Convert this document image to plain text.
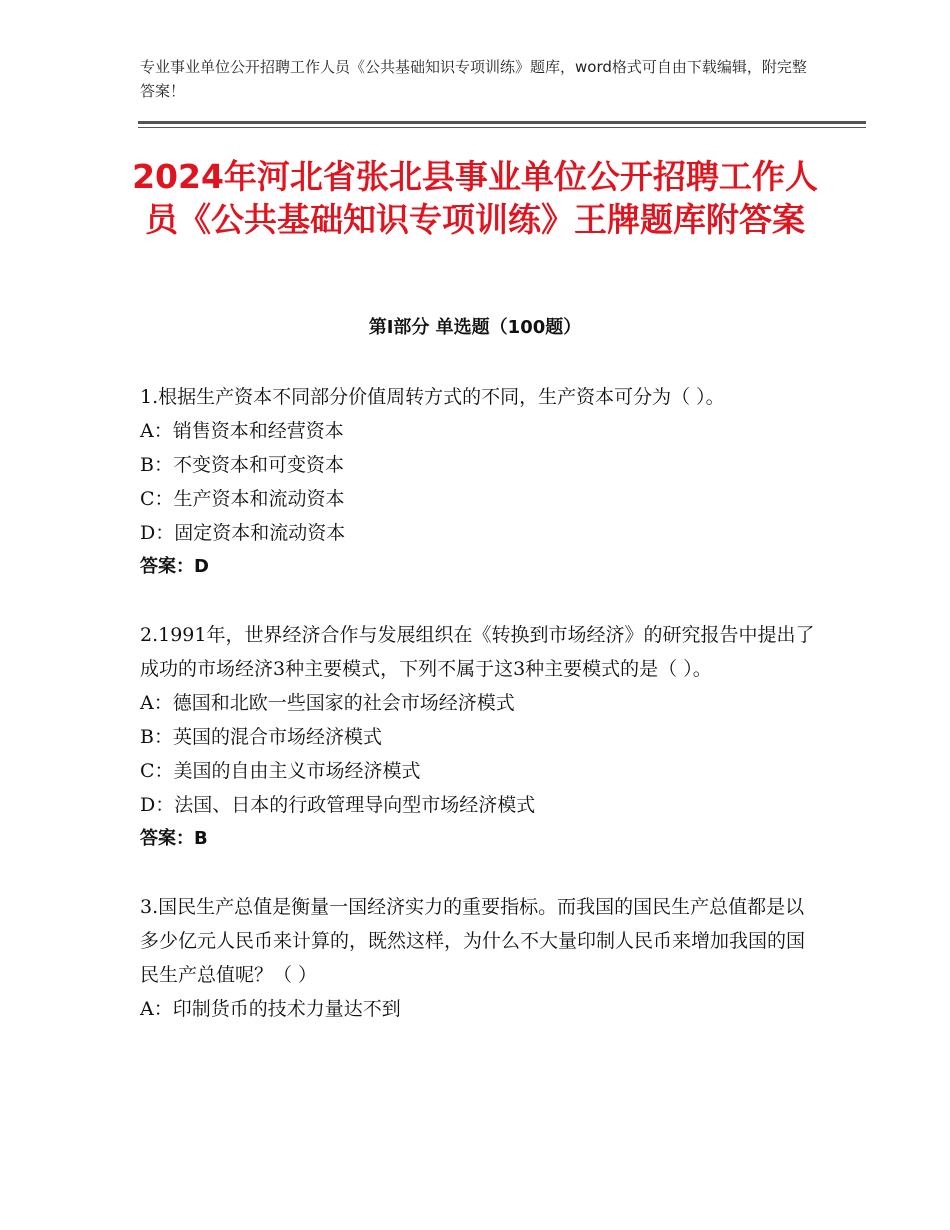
专业事业单位公开招聘工作人员《公共基础知识专项训练》题库，word格式可自由下载编辑，附完整答案！
2024年河北省张北县事业单位公开招聘工作人员《公共基础知识专项训练》王牌题库附答案
第I部分 单选题（100题）

1.根据生产资本不同部分价值周转方式的不同，生产资本可分为（ ）。

A：销售资本和经营资本

B：不变资本和可变资本

C：生产资本和流动资本

D：固定资本和流动资本

答案：D

2.1991年，世界经济合作与发展组织在《转换到市场经济》的研究报告中提出了成功的市场经济3种主要模式，下列不属于这3种主要模式的是（ ）。

A：德国和北欧一些国家的社会市场经济模式

B：英国的混合市场经济模式

C：美国的自由主义市场经济模式

D：法国、日本的行政管理导向型市场经济模式

答案：B

3.国民生产总值是衡量一国经济实力的重要指标。而我国的国民生产总值都是以多少亿元人民币来计算的，既然这样，为什么不大量印制人民币来增加我国的国民生产总值呢？（ ）

A：印制货币的技术力量达不到
